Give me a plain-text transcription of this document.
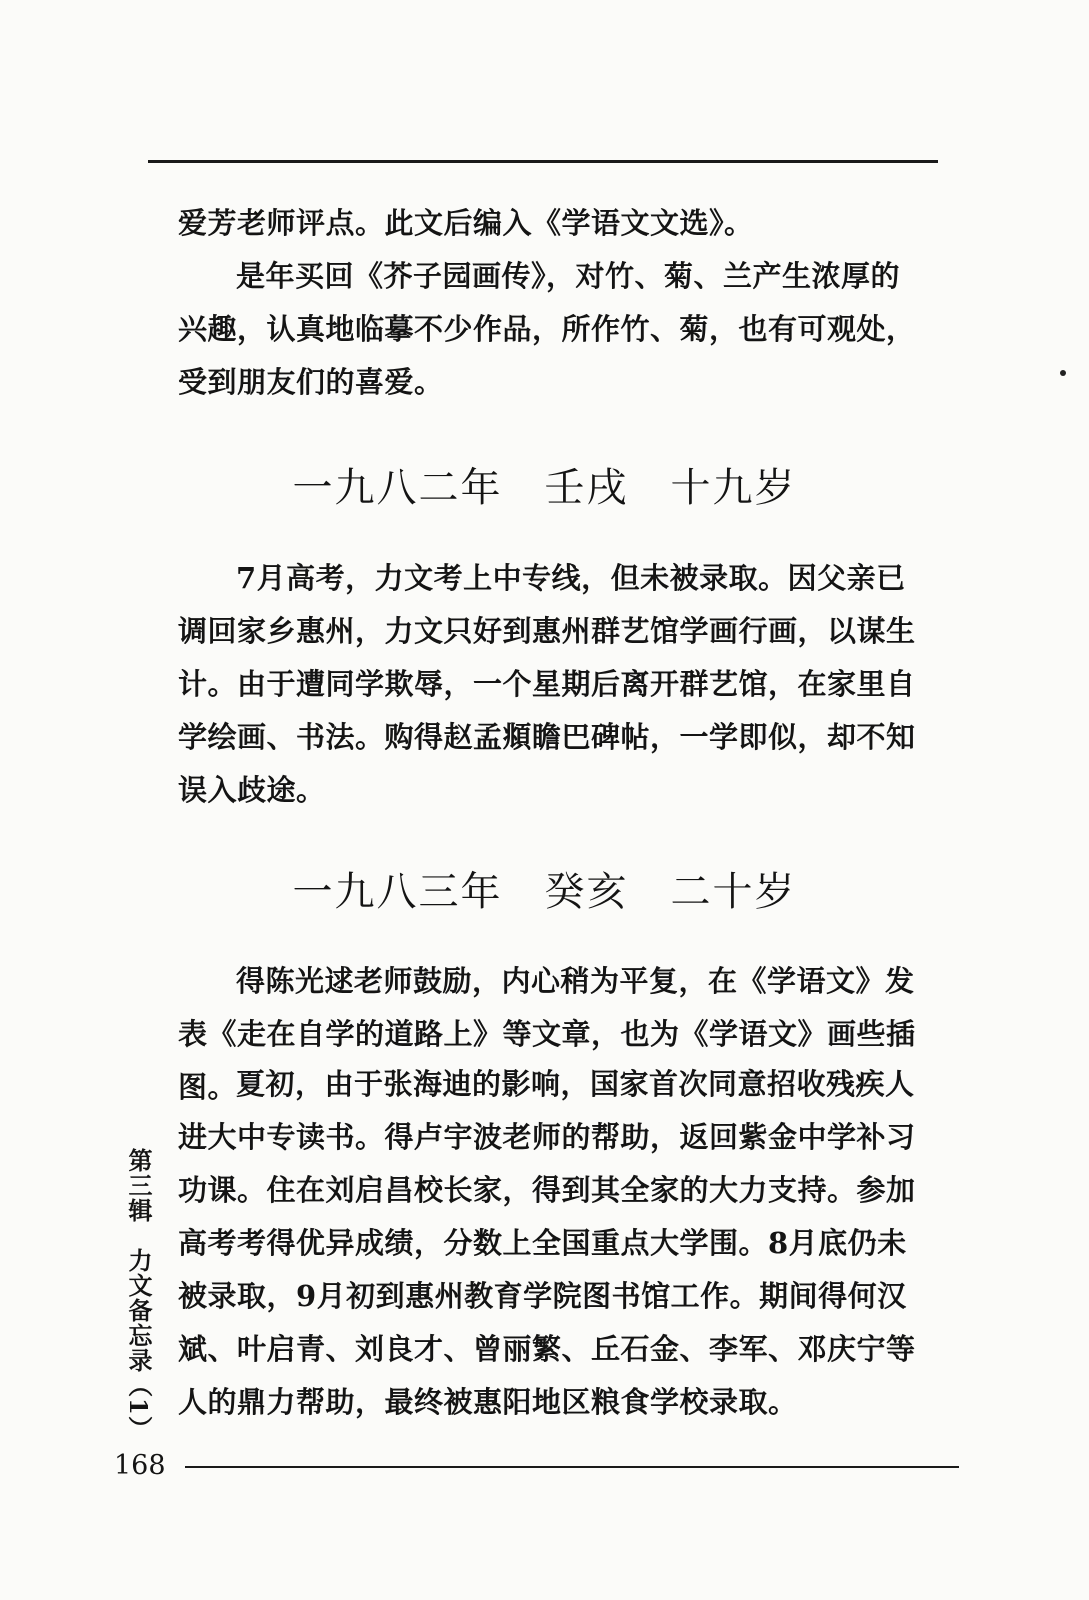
爱芳老师评点。此文后编入《学语文文选》。

是年买回《芥子园画传》，对竹、菊、兰产生浓厚的兴趣，认真地临摹不少作品，所作竹、菊，也有可观处，受到朋友们的喜爱。

一九八二年　壬戌　十九岁

7月高考，力文考上中专线，但未被录取。因父亲已调回家乡惠州，力文只好到惠州群艺馆学画行画，以谋生计。由于遭同学欺辱，一个星期后离开群艺馆，在家里自学绘画、书法。购得赵孟頫瞻巴碑帖，一学即似，却不知误入歧途。

一九八三年　癸亥　二十岁

得陈光逑老师鼓励，内心稍为平复，在《学语文》发表《走在自学的道路上》等文章，也为《学语文》画些插图。

夏初，由于张海迪的影响，国家首次同意招收残疾人进大中专读书。得卢宇波老师的帮助，返回紫金中学补习功课。住在刘启昌校长家，得到其全家的大力支持。参加高考考得优异成绩，分数上全国重点大学围。8月底仍未被录取，9月初到惠州教育学院图书馆工作。期间得何汉斌、叶启青、刘良才、曾丽繁、丘石金、李军、邓庆宁等人的鼎力帮助，最终被惠阳地区粮食学校录取。

第三辑　力文备忘录（1）
168
